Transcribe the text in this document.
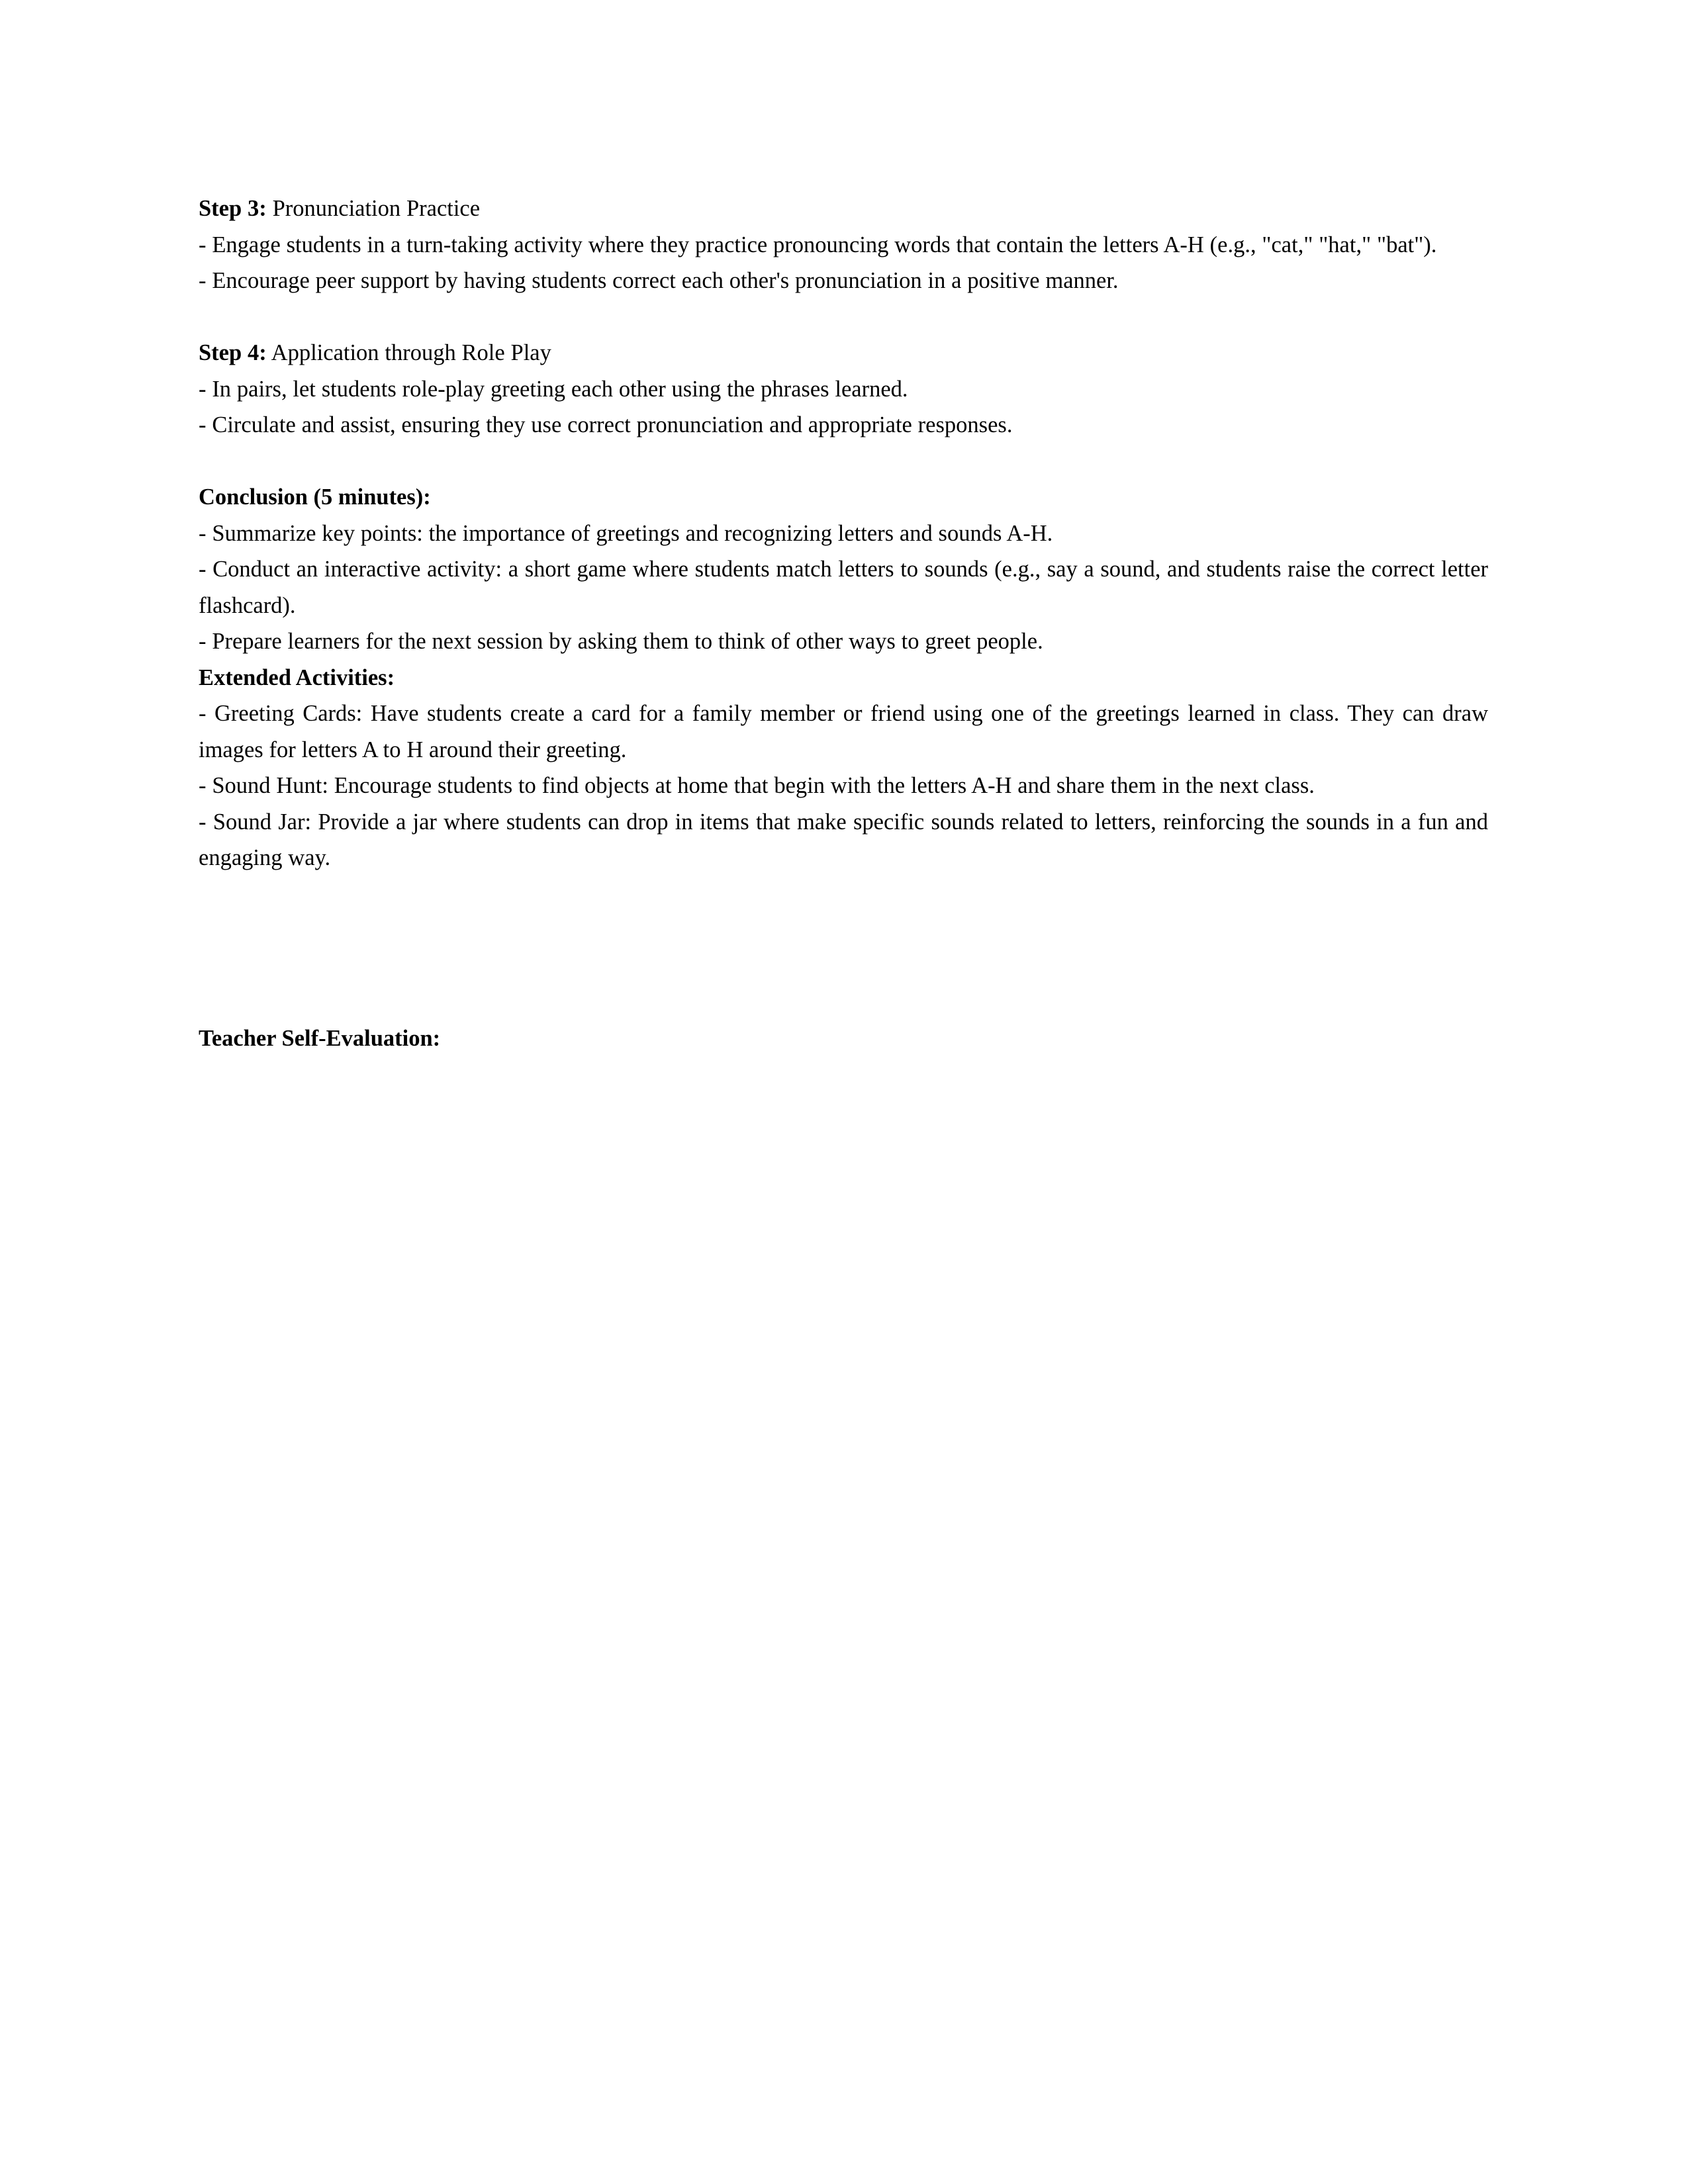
Step 3: Pronunciation Practice

- Engage students in a turn-taking activity where they practice pronouncing words that contain the letters A-H (e.g., "cat," "hat," "bat").

- Encourage peer support by having students correct each other's pronunciation in a positive manner.

Step 4: Application through Role Play

- In pairs, let students role-play greeting each other using the phrases learned.

- Circulate and assist, ensuring they use correct pronunciation and appropriate responses.

Conclusion (5 minutes):

- Summarize key points: the importance of greetings and recognizing letters and sounds A-H.

- Conduct an interactive activity: a short game where students match letters to sounds (e.g., say a sound, and students raise the correct letter flashcard).

- Prepare learners for the next session by asking them to think of other ways to greet people.

Extended Activities:

- Greeting Cards: Have students create a card for a family member or friend using one of the greetings learned in class. They can draw images for letters A to H around their greeting.

- Sound Hunt: Encourage students to find objects at home that begin with the letters A-H and share them in the next class.

- Sound Jar: Provide a jar where students can drop in items that make specific sounds related to letters, reinforcing the sounds in a fun and engaging way.

Teacher Self-Evaluation:
